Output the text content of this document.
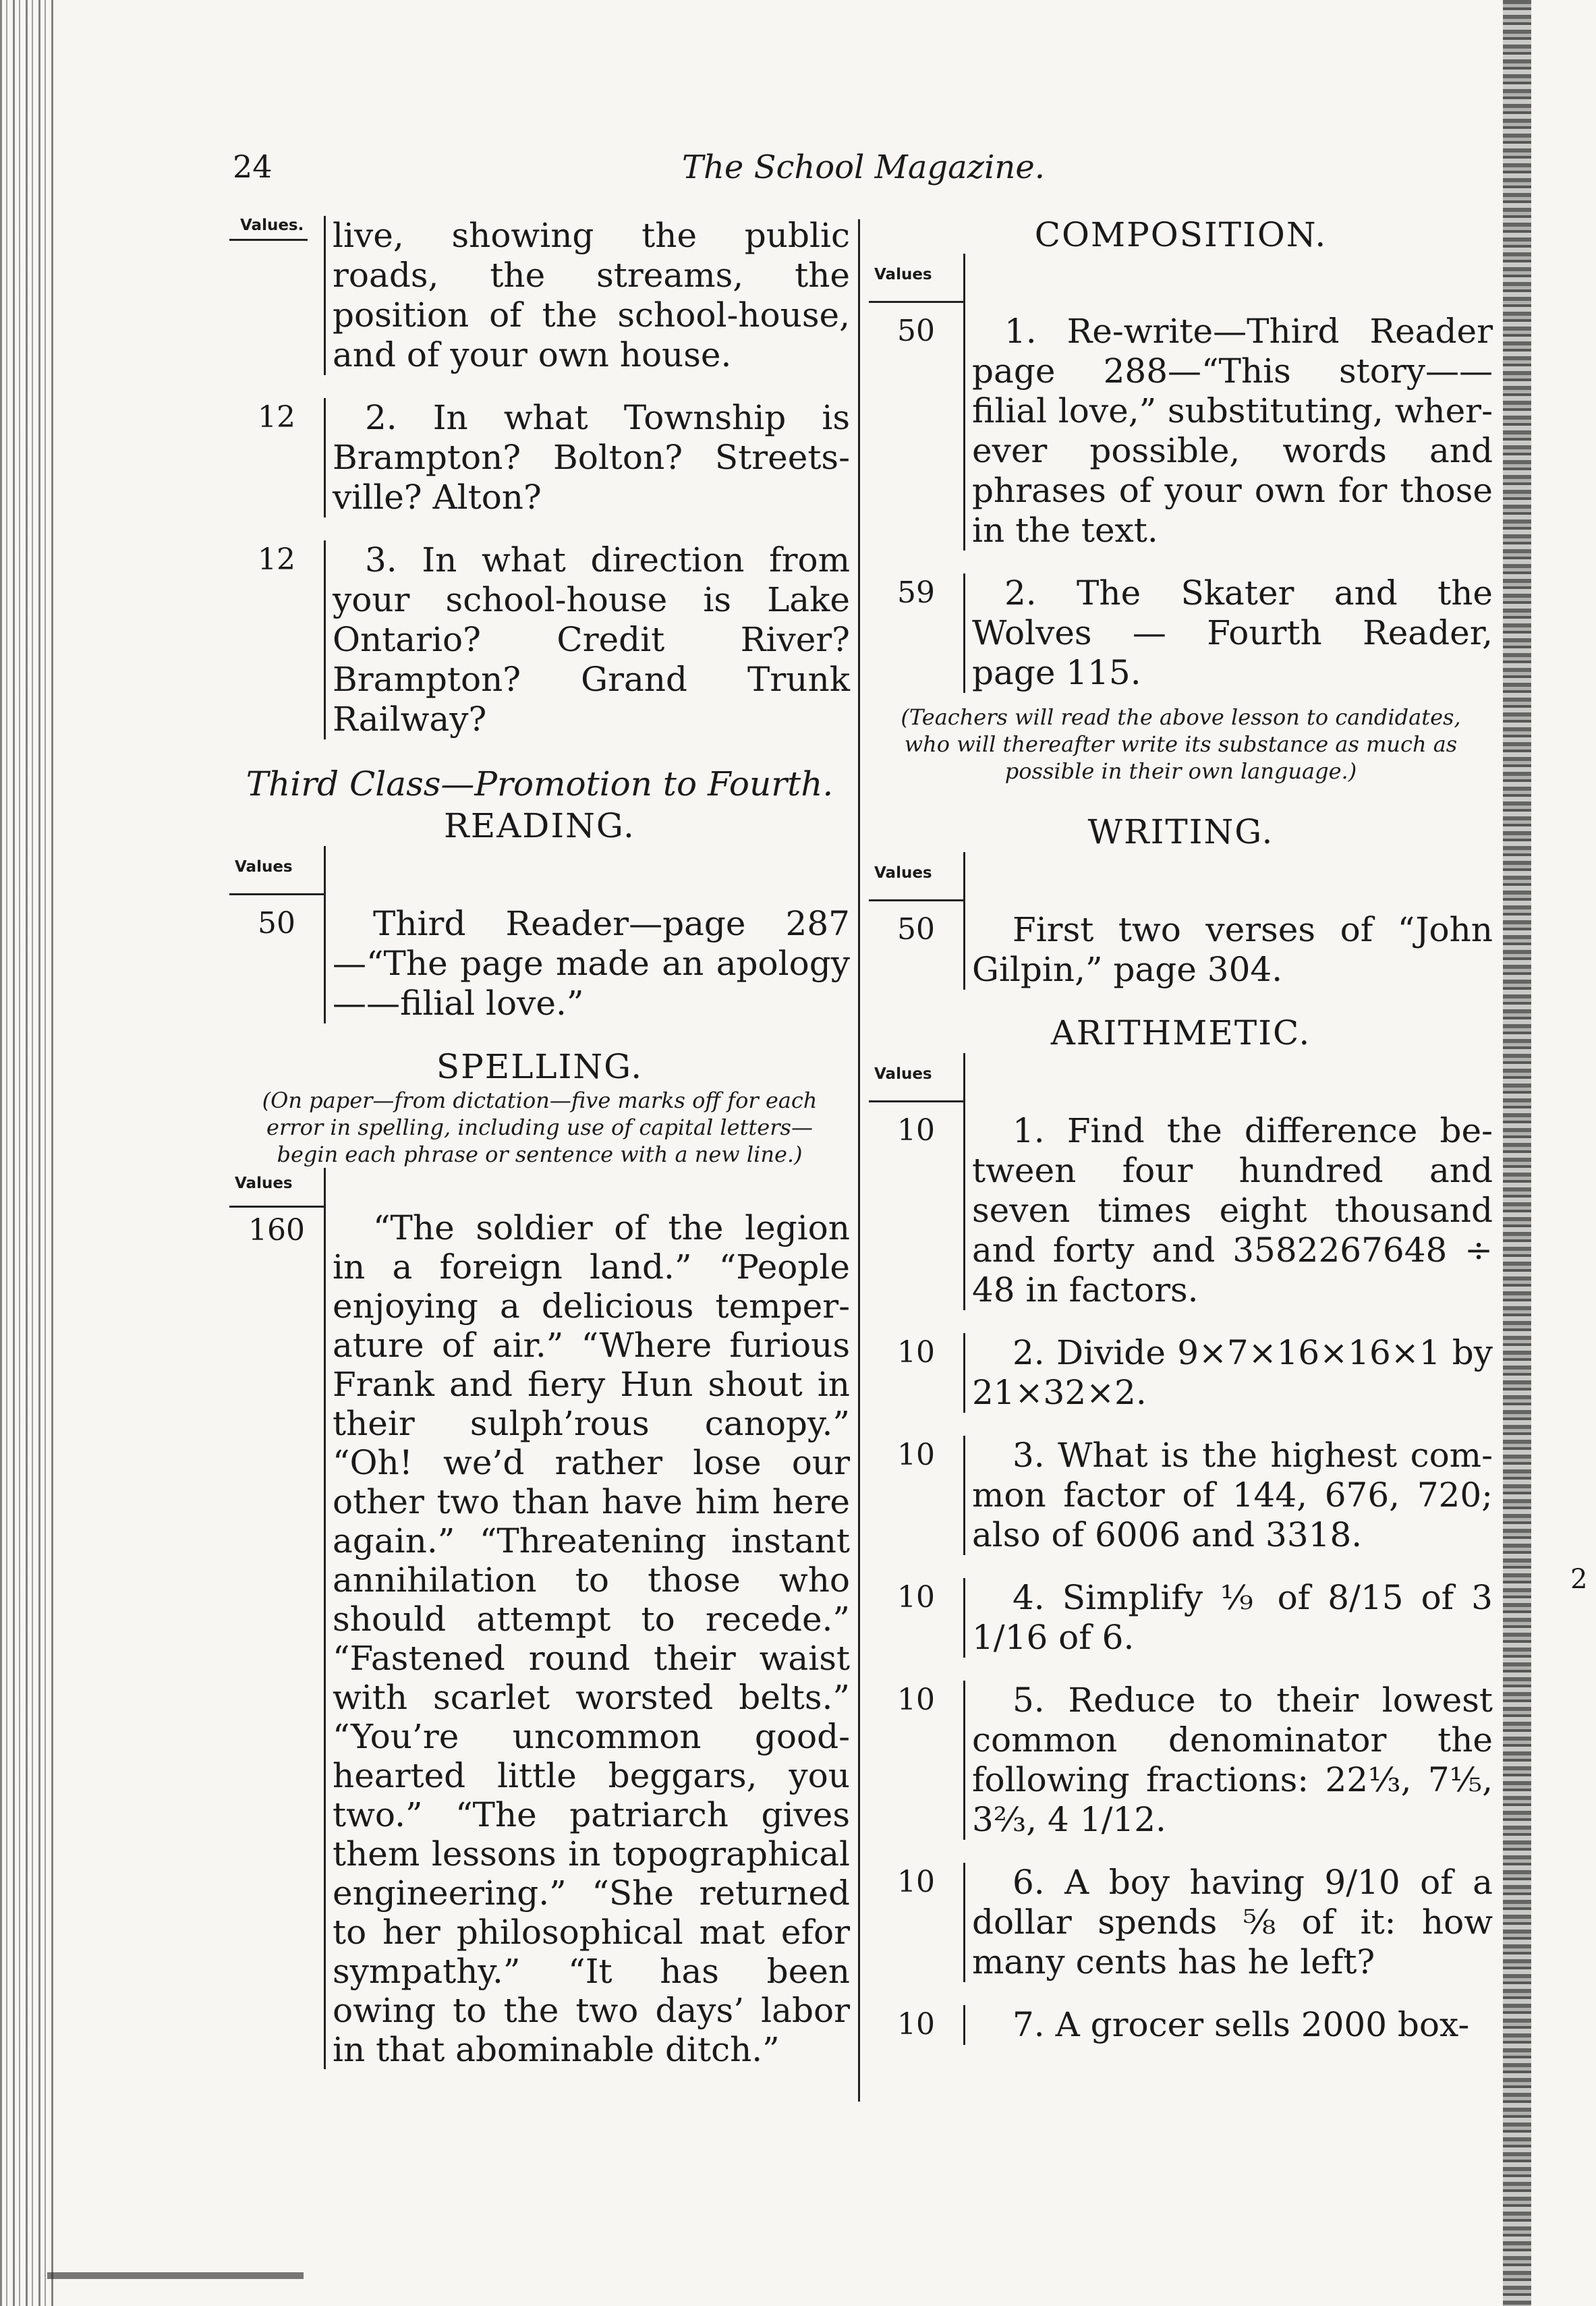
2
The School Magazine.
24
Values. live, showing the public roads, the streams, the position of the school-house, and of your own house.
12	2. In what Township is Brampton? Bolton? Streetsville? Alton?
12	3. In what direction from your school-house is Lake Ontario? Credit River? Brampton? Grand Trunk Railway?
Third Class—Promotion to Fourth.
READING.
Values
50	Third Reader—page 287—“The page made an apology——filial love.”
SPELLING.
(On paper—from dictation—five marks off for each error in spelling, including use of capital letters—begin each phrase or sentence with a new line.)
Values
160	“The soldier of the legion in a foreign land.” “People enjoying a delicious temperature of air.” “Where furious Frank and fiery Hun shout in their sulph’rous canopy.” “Oh! we’d rather lose our other two than have him here again.” “Threatening instant annihilation to those who should attempt to recede.” “Fastened round their waist with scarlet worsted belts.” “You’re uncommon good-hearted little beggars, you two.” “The patriarch gives them lessons in topographical engineering.” “She returned to her philosophical mat efor sympathy.” “It has been owing to the two days’ labor in that abominable ditch.”
COMPOSITION.
Values
50	1. Re-write—Third Reader page 288—“This story——filial love,” substituting, wherever possible, words and phrases of your own for those in the text.
59	2. The Skater and the Wolves — Fourth Reader, page 115.
(Teachers will read the above lesson to candidates, who will thereafter write its substance as much as possible in their own language.)
WRITING.
Values
50	First two verses of “John Gilpin,” page 304.
ARITHMETIC.
Values
10	1. Find the difference between four hundred and seven times eight thousand and forty and 3582267648 ÷ 48 in factors.
10	2. Divide 9×7×16×16×1 by 21×32×2.
10	3. What is the highest common factor of 144, 676, 720; also of 6006 and 3318.
10	4. Simplify ⅑ of 8/15 of 3 1/16 of 6.
10	5. Reduce to their lowest common denominator the following fractions: 22⅓, 7⅕, 3⅔, 4 1/12.
10	6. A boy having 9/10 of a dollar spends ⅝ of it: how many cents has he left?
10	7. A grocer sells 2000 box-
